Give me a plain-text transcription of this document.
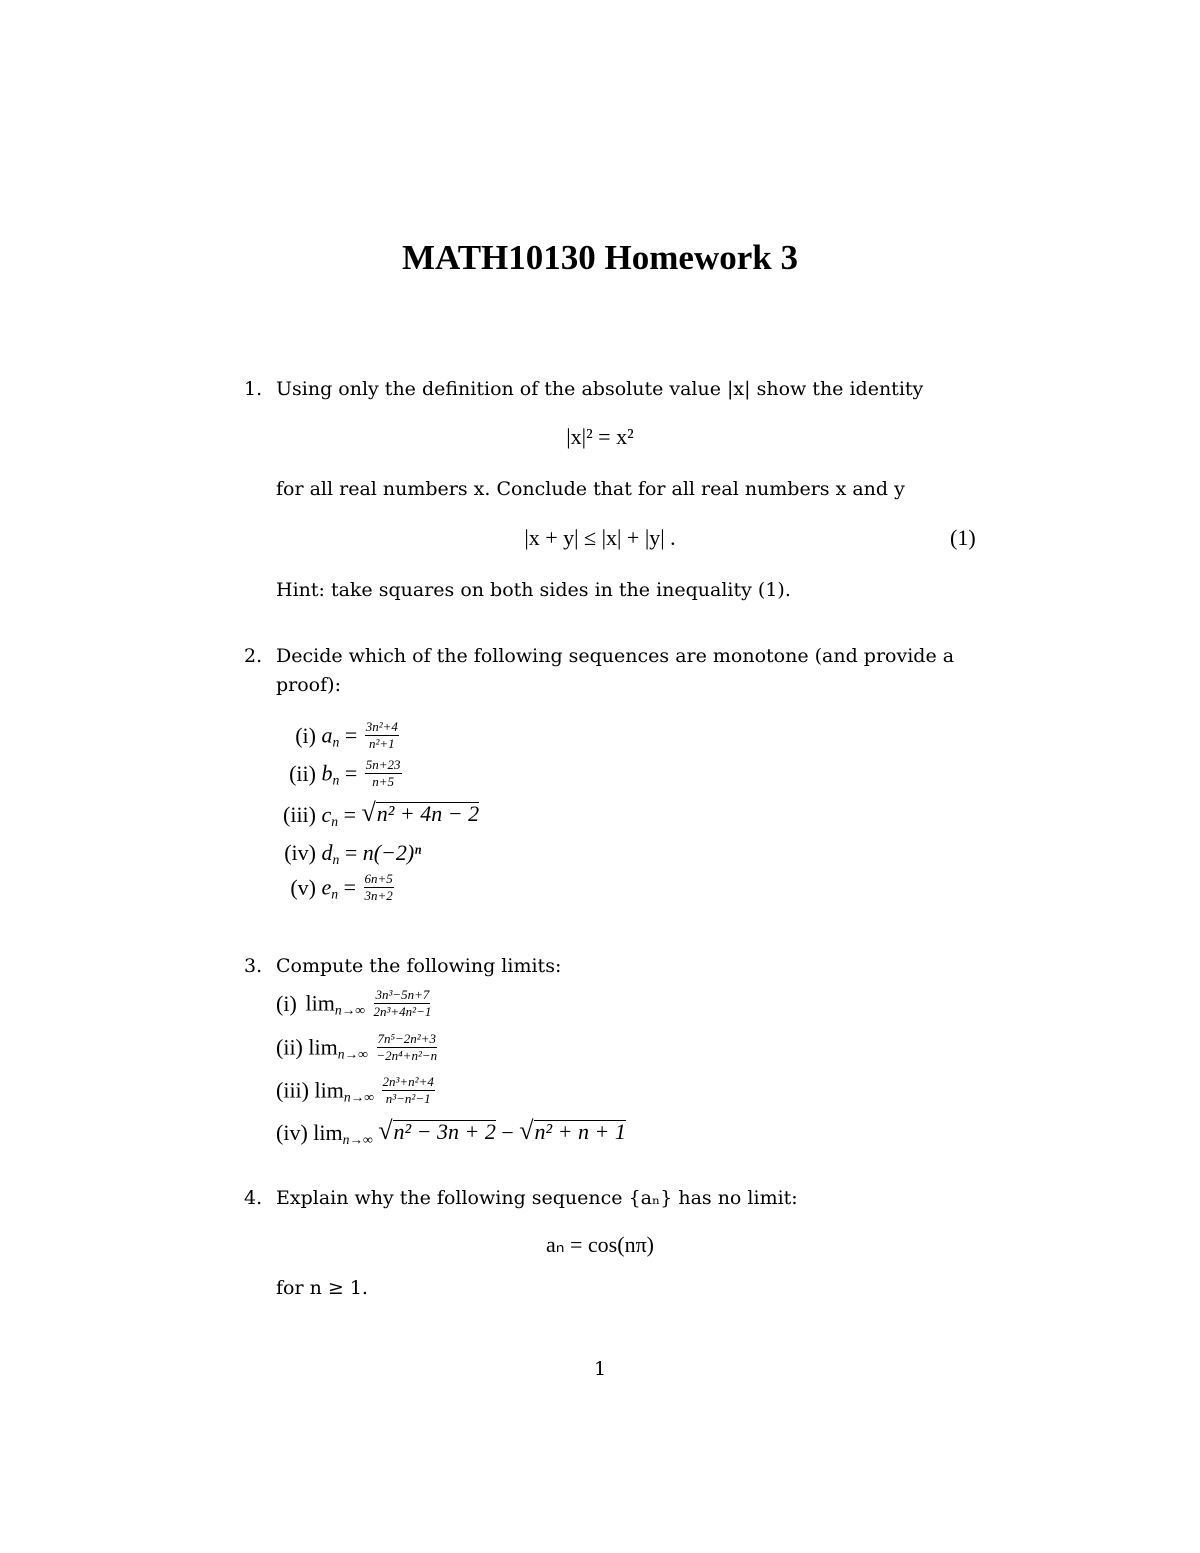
MATH10130 Homework 3
1. Using only the definition of the absolute value |x| show the identity
|x|² = x²
for all real numbers x. Conclude that for all real numbers x and y
|x + y| ≤ |x| + |y| .	(1)
Hint: take squares on both sides in the inequality (1).
2. Decide which of the following sequences are monotone (and provide a
proof):
(i) $a_n = \frac{\text{3n²+4}}{\text{n²+1}}$
(ii) $b_n = \frac{5n+23}{n+5}$
(iii) $c_n$ = √ n² + 4n − 2
(iv) $d_n = n(-2)^n$
(v) $e_n = \frac{6n+5}{3n+2}$
3. Compute the following limits:
(i) $\lim_{n\to\infty} \frac{\text{3n³−5n+7}}{\text{2n³+4n²−1}}$
(ii) $\lim_{n\to\infty} \frac{\text{7n⁵−2n²+3}}{\text{−2n⁴+n²−n}}$
(iii) $\lim_{n\to\infty} \frac{\text{2n³+n²+4}}{\text{n³−n²−1}}$
(iv) $\lim_{n\to\infty}$ √ n² − 3n + 2 − √ n² + n + 1
4. Explain why the following sequence {aₙ} has no limit:
aₙ = cos(nπ)
for n ≥ 1.
1
